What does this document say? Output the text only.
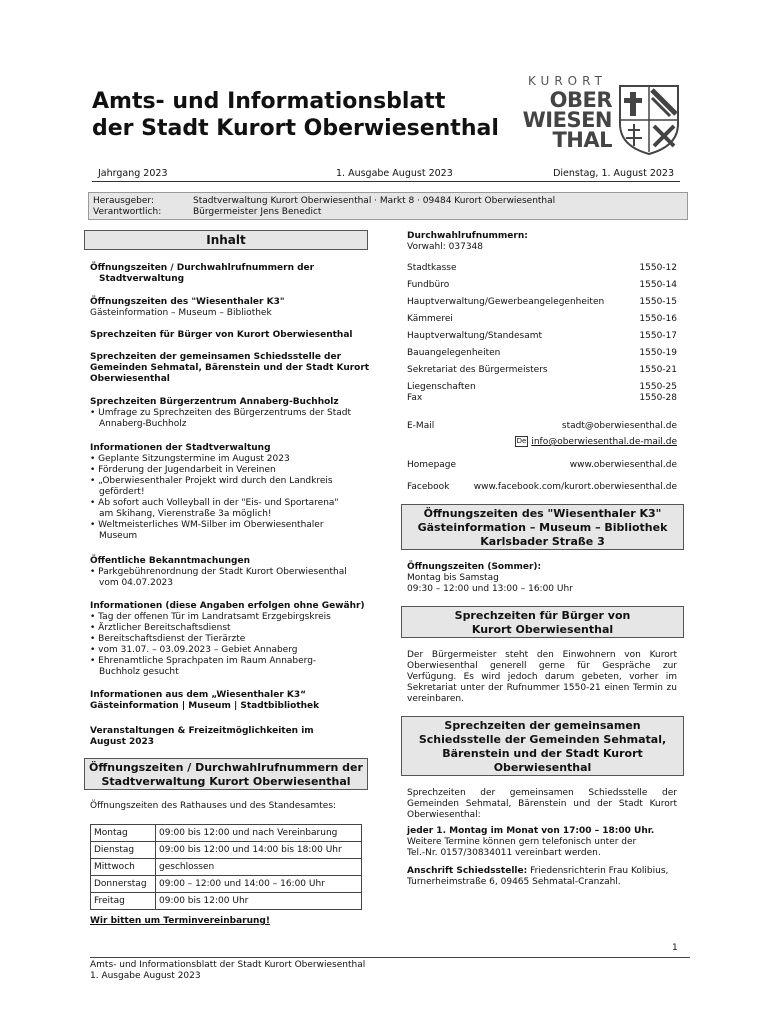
Amts- und Informationsblatt
der Stadt Kurort Oberwiesenthal
KURORT
OBER
WIESEN
THAL
Jahrgang 2023	1. Ausgabe August 2023	Dienstag, 1. August 2023
Herausgeber:	Stadtverwaltung Kurort Oberwiesenthal · Markt 8 · 09484 Kurort Oberwiesenthal
Verantwortlich:	Bürgermeister Jens Benedict
Inhalt
Öffnungszeiten / Durchwahlrufnummern der
Stadtverwaltung
Öffnungszeiten des "Wiesenthaler K3"
Gästeinformation – Museum – Bibliothek
Sprechzeiten für Bürger von Kurort Oberwiesenthal
Sprechzeiten der gemeinsamen Schiedsstelle der
Gemeinden Sehmatal, Bärenstein und der Stadt Kurort
Oberwiesenthal
Sprechzeiten Bürgerzentrum Annaberg-Buchholz
• Umfrage zu Sprechzeiten des Bürgerzentrums der Stadt
Annaberg-Buchholz
Informationen der Stadtverwaltung
• Geplante Sitzungstermine im August 2023
• Förderung der Jugendarbeit in Vereinen
• „Oberwiesenthaler Projekt wird durch den Landkreis
gefördert!
• Ab sofort auch Volleyball in der "Eis- und Sportarena"
am Skihang, Vierenstraße 3a möglich!
• Weltmeisterliches WM-Silber im Oberwiesenthaler
Museum
Öffentliche Bekanntmachungen
• Parkgebührenordnung der Stadt Kurort Oberwiesenthal
vom 04.07.2023
Informationen (diese Angaben erfolgen ohne Gewähr)
• Tag der offenen Tür im Landratsamt Erzgebirgskreis
• Ärztlicher Bereitschaftsdienst
• Bereitschaftsdienst der Tierärzte
• vom 31.07. – 03.09.2023 – Gebiet Annaberg
• Ehrenamtliche Sprachpaten im Raum Annaberg-
Buchholz gesucht
Informationen aus dem „Wiesenthaler K3“
Gästeinformation | Museum | Stadtbibliothek
Veranstaltungen & Freizeitmöglichkeiten im
August 2023
Öffnungszeiten / Durchwahlrufnummern der
Stadtverwaltung Kurort Oberwiesenthal
Öffnungszeiten des Rathauses und des Standesamtes:
Montag	09:00 bis 12:00 und nach Vereinbarung
Dienstag	09:00 bis 12:00 und 14:00 bis 18:00 Uhr
Mittwoch	geschlossen
Donnerstag	09:00 – 12:00 und 14:00 – 16:00 Uhr
Freitag	09:00 bis 12:00 Uhr
Wir bitten um Terminvereinbarung!
Durchwahlrufnummern:
Vorwahl: 037348
Stadtkasse	1550-12
Fundbüro	1550-14
Hauptverwaltung/Gewerbeangelegenheiten	1550-15
Kämmerei	1550-16
Hauptverwaltung/Standesamt	1550-17
Bauangelegenheiten	1550-19
Sekretariat des Bürgermeisters	1550-21
Liegenschaften	1550-25
Fax	1550-28
E-Mail	stadt@oberwiesenthal.de
De info@oberwiesenthal.de-mail.de
Homepage	www.oberwiesenthal.de
Facebook	www.facebook.com/kurort.oberwiesenthal.de
Öffnungszeiten des "Wiesenthaler K3"
Gästeinformation – Museum – Bibliothek
Karlsbader Straße 3
Öffnungszeiten (Sommer):
Montag bis Samstag
09:30 – 12:00 und 13:00 – 16:00 Uhr
Sprechzeiten für Bürger von
Kurort Oberwiesenthal
Der Bürgermeister steht den Einwohnern von Kurort Oberwiesenthal generell gerne für Gespräche zur Verfügung. Es wird jedoch darum gebeten, vorher im Sekretariat unter der Rufnummer 1550-21 einen Termin zu vereinbaren.
Sprechzeiten der gemeinsamen
Schiedsstelle der Gemeinden Sehmatal,
Bärenstein und der Stadt Kurort
Oberwiesenthal
Sprechzeiten der gemeinsamen Schiedsstelle der Gemeinden Sehmatal, Bärenstein und der Stadt Kurort Oberwiesenthal:
jeder 1. Montag im Monat von 17:00 – 18:00 Uhr.
Weitere Termine können gern telefonisch unter der
Tel.-Nr. 0157/30834011 vereinbart werden.
Anschrift Schiedsstelle: Friedensrichterin Frau Kolibius, Turnerheimstraße 6, 09465 Sehmatal-Cranzahl.
1
Amts- und Informationsblatt der Stadt Kurort Oberwiesenthal
1. Ausgabe August 2023
